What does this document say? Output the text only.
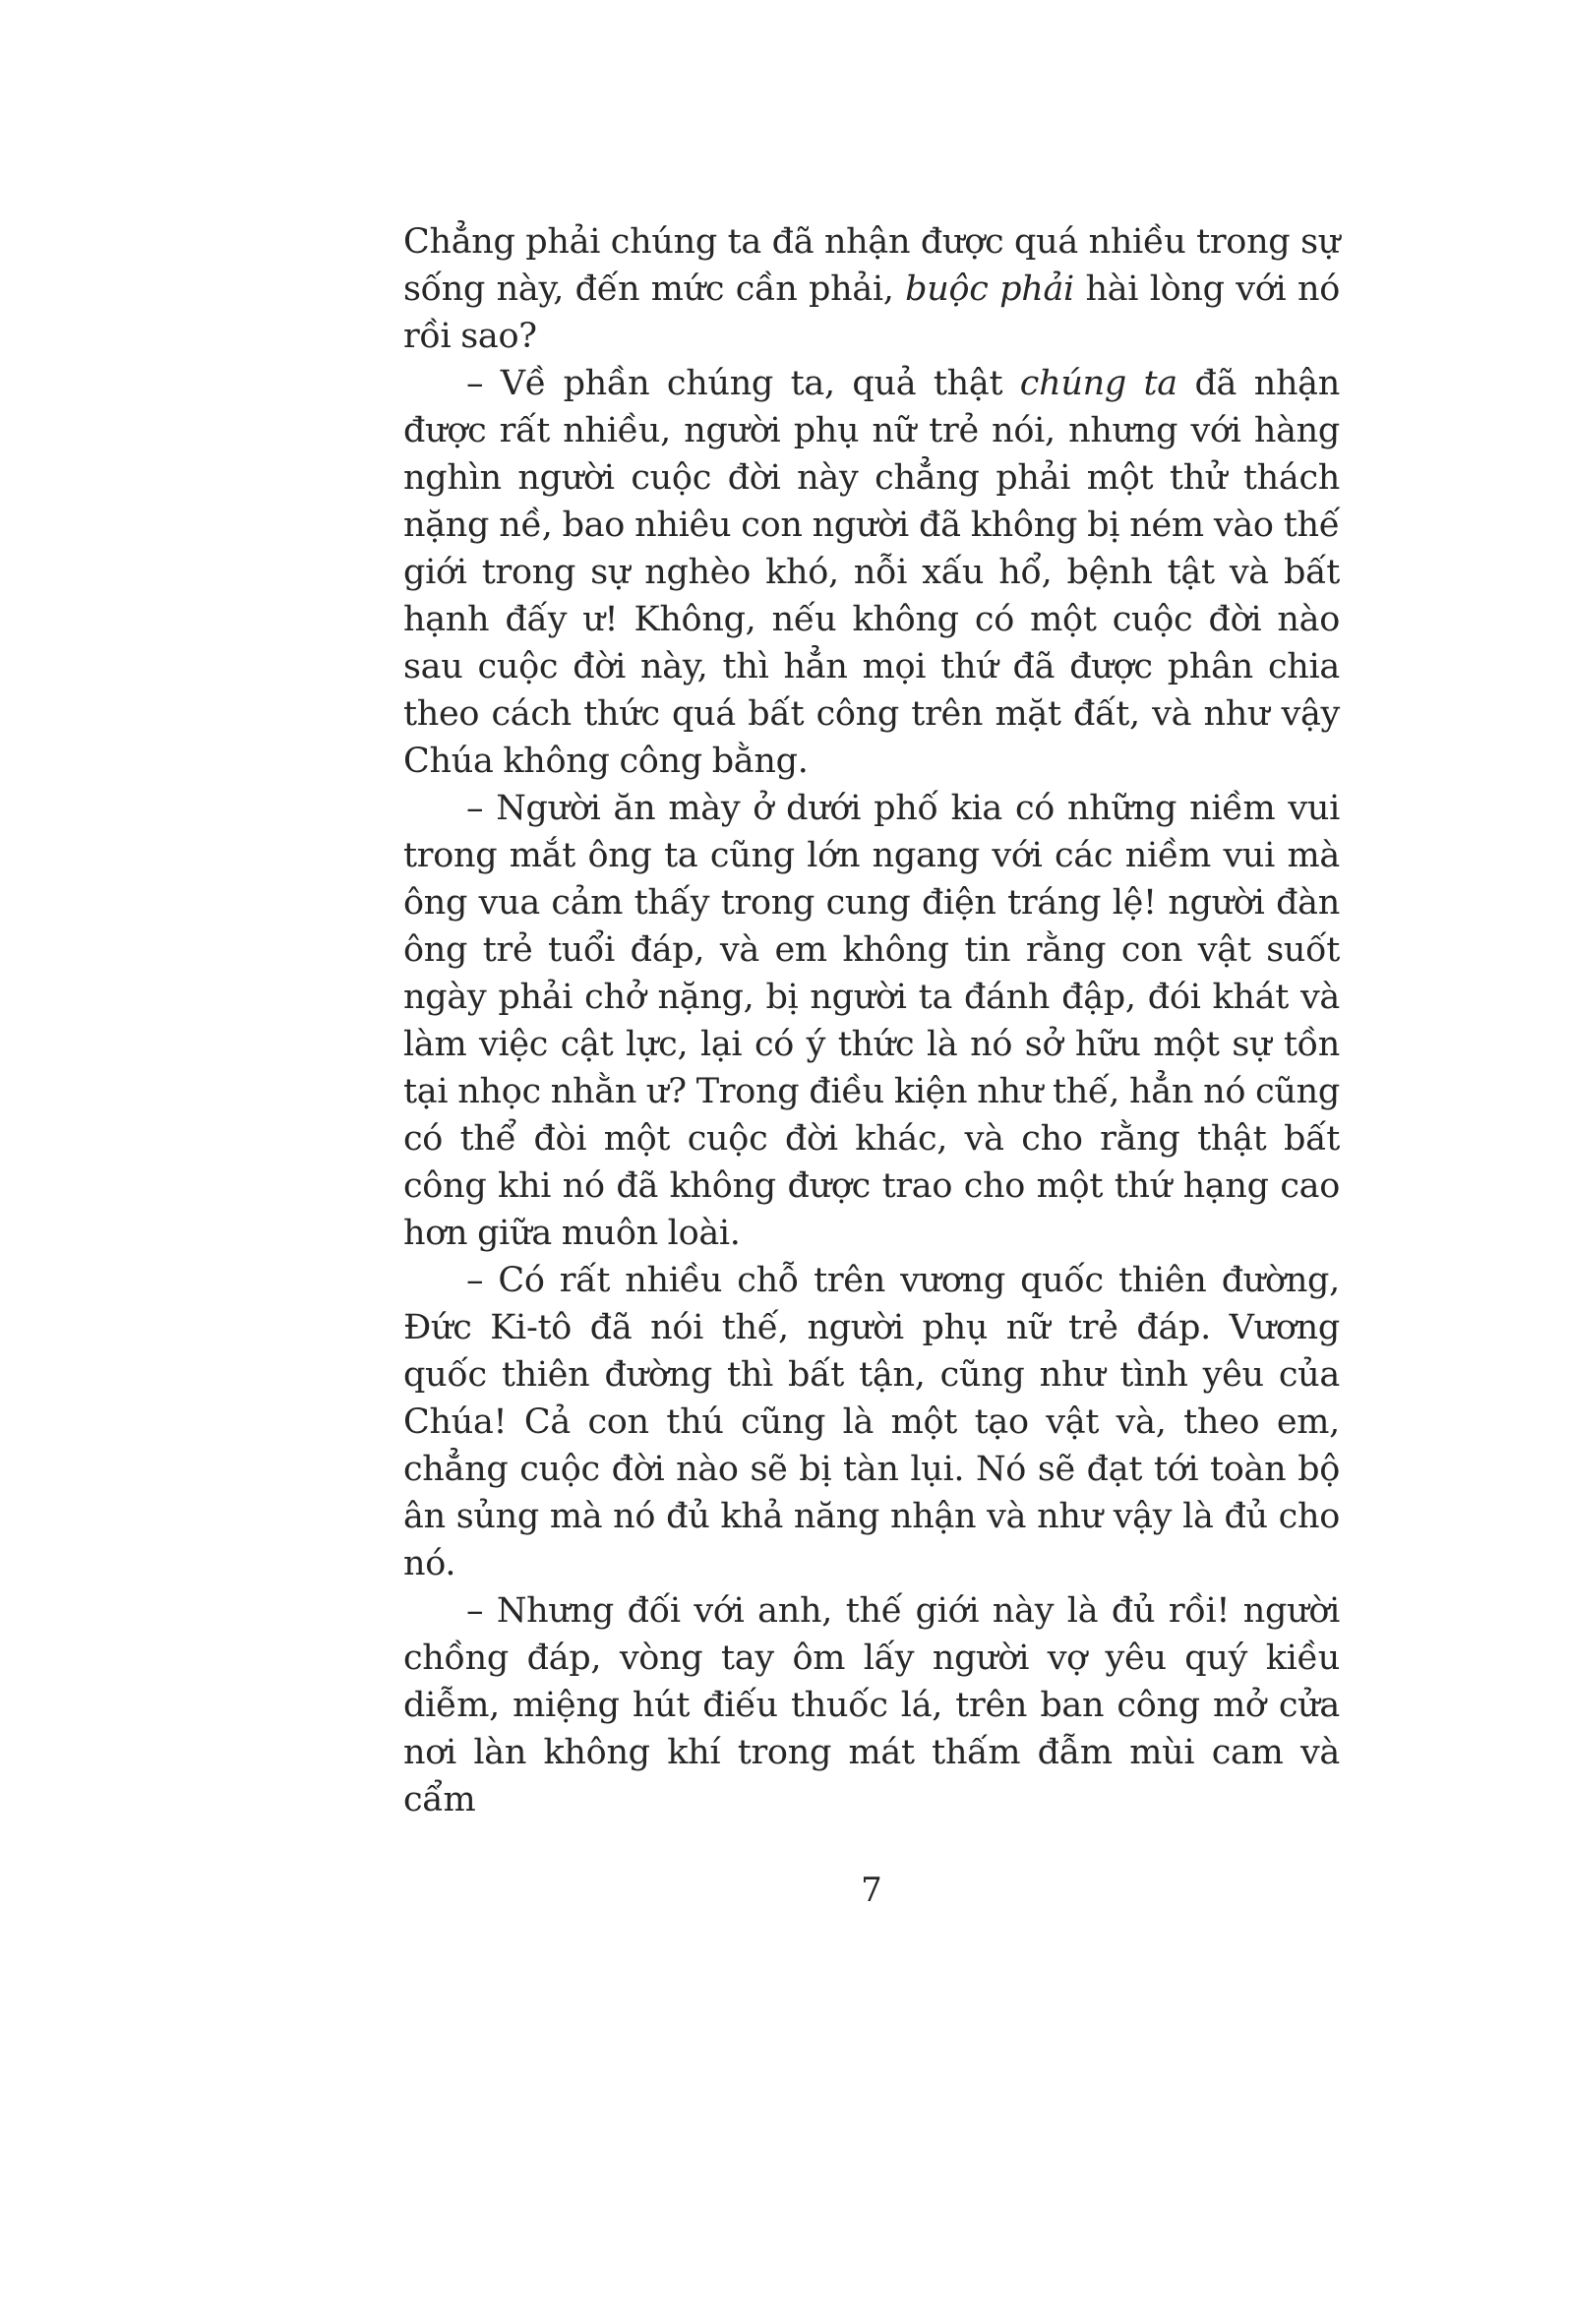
Chẳng phải chúng ta đã nhận được quá nhiều trong sự sống này, đến mức cần phải, buộc phải hài lòng với nó rồi sao?

– Về phần chúng ta, quả thật chúng ta đã nhận được rất nhiều, người phụ nữ trẻ nói, nhưng với hàng nghìn người cuộc đời này chẳng phải một thử thách nặng nề, bao nhiêu con người đã không bị ném vào thế giới trong sự nghèo khó, nỗi xấu hổ, bệnh tật và bất hạnh đấy ư! Không, nếu không có một cuộc đời nào sau cuộc đời này, thì hẳn mọi thứ đã được phân chia theo cách thức quá bất công trên mặt đất, và như vậy Chúa không công bằng.

– Người ăn mày ở dưới phố kia có những niềm vui trong mắt ông ta cũng lớn ngang với các niềm vui mà ông vua cảm thấy trong cung điện tráng lệ! người đàn ông trẻ tuổi đáp, và em không tin rằng con vật suốt ngày phải chở nặng, bị người ta đánh đập, đói khát và làm việc cật lực, lại có ý thức là nó sở hữu một sự tồn tại nhọc nhằn ư? Trong điều kiện như thế, hẳn nó cũng có thể đòi một cuộc đời khác, và cho rằng thật bất công khi nó đã không được trao cho một thứ hạng cao hơn giữa muôn loài.

– Có rất nhiều chỗ trên vương quốc thiên đường, Đức Ki-tô đã nói thế, người phụ nữ trẻ đáp. Vương quốc thiên đường thì bất tận, cũng như tình yêu của Chúa! Cả con thú cũng là một tạo vật và, theo em, chẳng cuộc đời nào sẽ bị tàn lụi. Nó sẽ đạt tới toàn bộ ân sủng mà nó đủ khả năng nhận và như vậy là đủ cho nó.

– Nhưng đối với anh, thế giới này là đủ rồi! người chồng đáp, vòng tay ôm lấy người vợ yêu quý kiều diễm, miệng hút điếu thuốc lá, trên ban công mở cửa nơi làn không khí trong mát thấm đẫm mùi cam và cẩm

7
